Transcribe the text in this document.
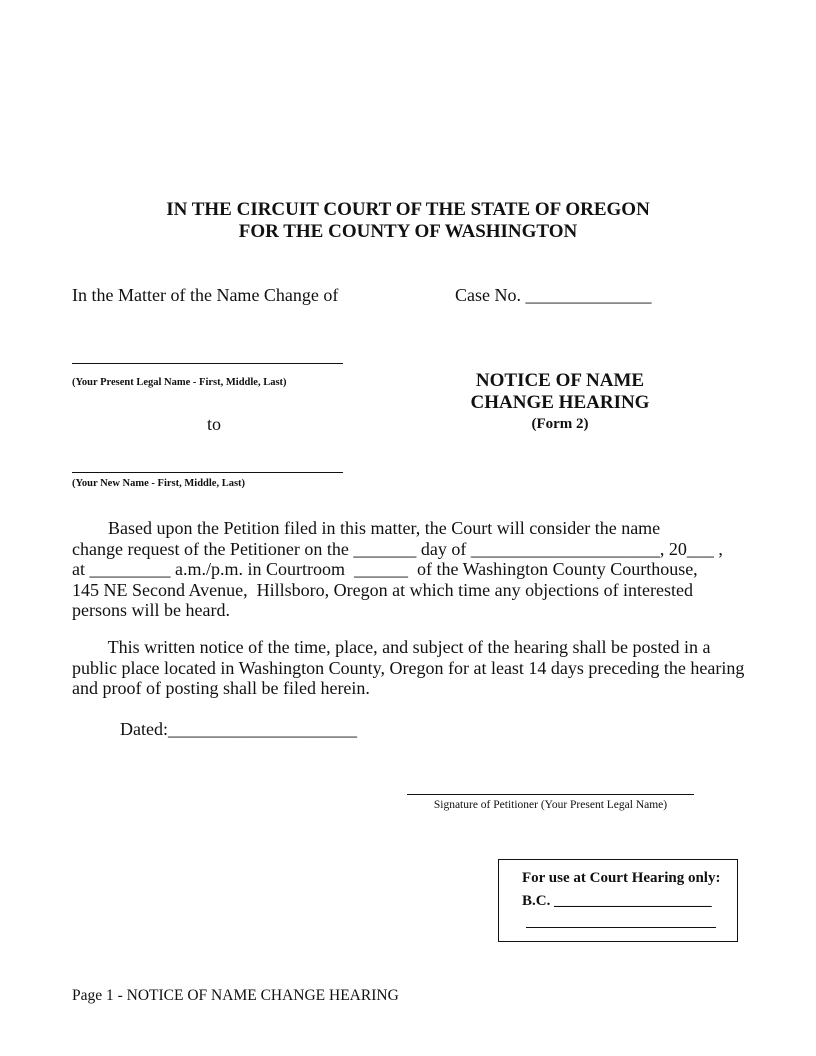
IN THE CIRCUIT COURT OF THE STATE OF OREGON
FOR THE COUNTY OF WASHINGTON
In the Matter of the Name Change of	Case No. ______________
(Your Present Legal Name - First, Middle, Last)
to
(Your New Name - First, Middle, Last)
NOTICE OF NAME
CHANGE HEARING
(Form 2)
Based upon the Petition filed in this matter, the Court will consider the name
change request of the Petitioner on the _______ day of _____________________, 20___ ,
at _________ a.m./p.m. in Courtroom  ______  of the Washington County Courthouse,
145 NE Second Avenue,  Hillsboro, Oregon at which time any objections of interested
persons will be heard.
This written notice of the time, place, and subject of the hearing shall be posted in a
public place located in Washington County, Oregon for at least 14 days preceding the hearing
and proof of posting shall be filed herein.
Dated:_____________________
Signature of Petitioner (Your Present Legal Name)
For use at Court Hearing only:
B.C. _____________________
Page 1 - NOTICE OF NAME CHANGE HEARING
